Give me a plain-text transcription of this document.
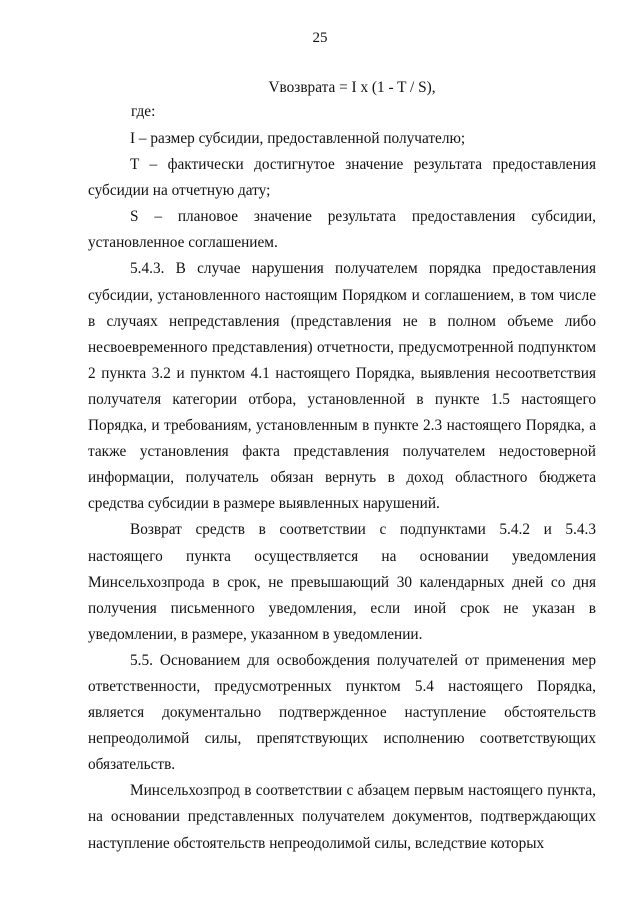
25
Vвозврата = I x (1 - T / S),
где:

I – размер субсидии, предоставленной получателю;

T – фактически достигнутое значение результата предоставления субсидии на отчетную дату;

S – плановое значение результата предоставления субсидии, установленное соглашением.

5.4.3. В случае нарушения получателем порядка предоставления субсидии, установленного настоящим Порядком и соглашением, в том числе в случаях непредставления (представления не в полном объеме либо несвоевременного представления) отчетности, предусмотренной подпунктом 2 пункта 3.2 и пунктом 4.1 настоящего Порядка, выявления несоответствия получателя категории отбора, установленной в пункте 1.5 настоящего Порядка, и требованиям, установленным в пункте 2.3 настоящего Порядка, а также установления факта представления получателем недостоверной информации, получатель обязан вернуть в доход областного бюджета средства субсидии в размере выявленных нарушений.

Возврат средств в соответствии с подпунктами 5.4.2 и 5.4.3 настоящего пункта осуществляется на основании уведомления Минсельхозпрода в срок, не превышающий 30 календарных дней со дня получения письменного уведомления, если иной срок не указан в уведомлении, в размере, указанном в уведомлении.

5.5. Основанием для освобождения получателей от применения мер ответственности, предусмотренных пунктом 5.4 настоящего Порядка, является документально подтвержденное наступление обстоятельств непреодолимой силы, препятствующих исполнению соответствующих обязательств.

Минсельхозпрод в соответствии с абзацем первым настоящего пункта, на основании представленных получателем документов, подтверждающих наступление обстоятельств непреодолимой силы, вследствие которых
